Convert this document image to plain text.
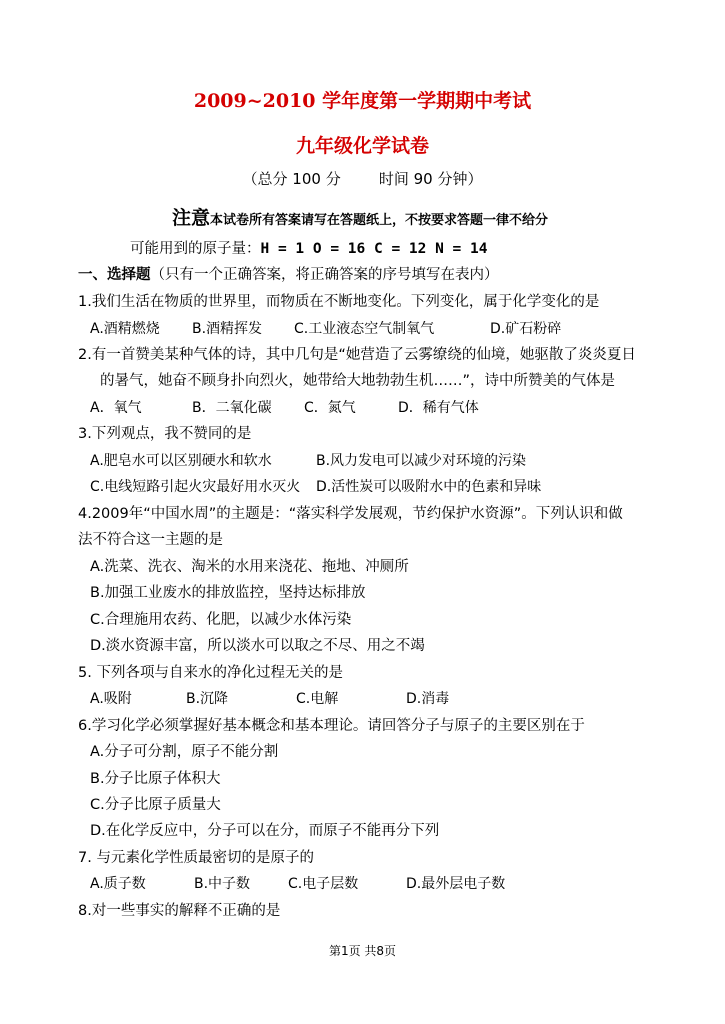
2009~2010 学年度第一学期期中考试
九年级化学试卷
（总分 100 分        时间 90 分钟）
注意本试卷所有答案请写在答题纸上，不按要求答题一律不给分
可能用到的原子量：H = 1 O = 16 C = 12 N = 14
一、选择题（只有一个正确答案，将正确答案的序号填写在表内）
1.我们生活在物质的世界里，而物质在不断地变化。下列变化，属于化学变化的是
A.酒精燃烧 B.酒精挥发 C.工业液态空气制氧气	D.矿石粉碎
2.有一首赞美某种气体的诗，其中几句是“她营造了云雾缭绕的仙境，她驱散了炎炎夏日
的暑气，她奋不顾身扑向烈火，她带给大地勃勃生机……”，诗中所赞美的气体是
A．氧气	B．二氧化碳 C．氮气	D．稀有气体
3.下列观点，我不赞同的是
A.肥皂水可以区别硬水和软水	B.风力发电可以减少对环境的污染
C.电线短路引起火灾最好用水灭火 D.活性炭可以吸附水中的色素和异味
4.2009年“中国水周”的主题是：“落实科学发展观，节约保护水资源”。下列认识和做
法不符合这一主题的是
A.洗菜、洗衣、淘米的水用来浇花、拖地、冲厕所
B.加强工业废水的排放监控，坚持达标排放
C.合理施用农药、化肥，以减少水体污染
D.淡水资源丰富，所以淡水可以取之不尽、用之不竭
5. 下列各项与自来水的净化过程无关的是
A.吸附	B.沉降	C.电解	D.消毒
6.学习化学必须掌握好基本概念和基本理论。请回答分子与原子的主要区别在于
A.分子可分割，原子不能分割
B.分子比原子体积大
C.分子比原子质量大
D.在化学反应中，分子可以在分，而原子不能再分下列
7. 与元素化学性质最密切的是原子的
A.质子数	B.中子数	C.电子层数	D.最外层电子数
8.对一些事实的解释不正确的是
第1页 共8页
